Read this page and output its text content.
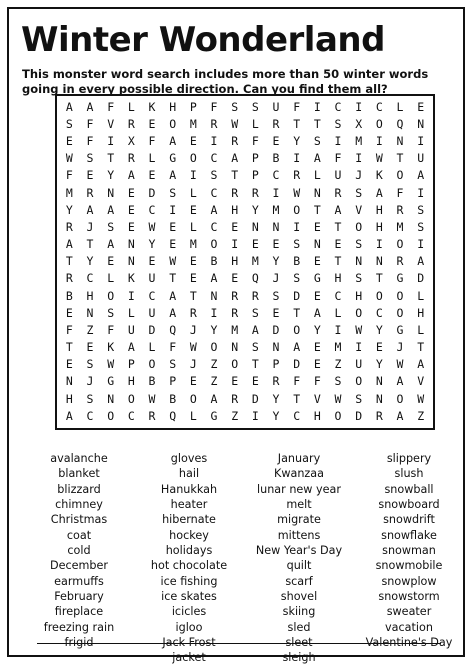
Winter Wonderland
This monster word search includes more than 50 winter words going in every possible direction. Can you find them all?
A	A	F	L	K	H	P	F	S	S	U	F	I	C	I	C	L	E
S	F	V	R	E	O	M	R	W	L	R	T	T	S	X	O	Q	N
E	F	I	X	F	A	E	I	R	F	E	Y	S	I	M	I	N	I
W	S	T	R	L	G	O	C	A	P	B	I	A	F	I	W	T	U
F	E	Y	A	E	A	I	S	T	P	C	R	L	U	J	K	O	A
M	R	N	E	D	S	L	C	R	R	I	W	N	R	S	A	F	I
Y	A	A	E	C	I	E	A	H	Y	M	O	T	A	V	H	R	S
R	J	S	E	W	E	L	C	E	N	N	I	E	T	O	H	M	S
A	T	A	N	Y	E	M	O	I	E	E	S	N	E	S	I	O	I
T	Y	E	N	E	W	E	B	H	M	Y	B	E	T	N	N	R	A
R	C	L	K	U	T	E	A	E	Q	J	S	G	H	S	T	G	D
B	H	O	I	C	A	T	N	R	R	S	D	E	C	H	O	O	L
E	N	S	L	U	A	R	I	R	S	E	T	A	L	O	C	O	H
F	Z	F	U	D	Q	J	Y	M	A	D	O	Y	I	W	Y	G	L
T	E	K	A	L	F	W	O	N	S	N	A	E	M	I	E	J	T
E	S	W	P	O	S	J	Z	O	T	P	D	E	Z	U	Y	W	A
N	J	G	H	B	P	E	Z	E	E	R	F	F	S	O	N	A	V
H	S	N	O	W	B	O	A	R	D	Y	T	V	W	S	N	O	W
A	C	O	C	R	Q	L	G	Z	I	Y	C	H	O	D	R	A	Z
avalanche
blanket
blizzard
chimney
Christmas
coat
cold
December
earmuffs
February
fireplace
freezing rain
frigid
gloves
hail
Hanukkah
heater
hibernate
hockey
holidays
hot chocolate
ice fishing
ice skates
icicles
igloo
Jack Frost
jacket
January
Kwanzaa
lunar new year
melt
migrate
mittens
New Year's Day
quilt
scarf
shovel
skiing
sled
sleet
sleigh
slippery
slush
snowball
snowboard
snowdrift
snowflake
snowman
snowmobile
snowplow
snowstorm
sweater
vacation
Valentine's Day
